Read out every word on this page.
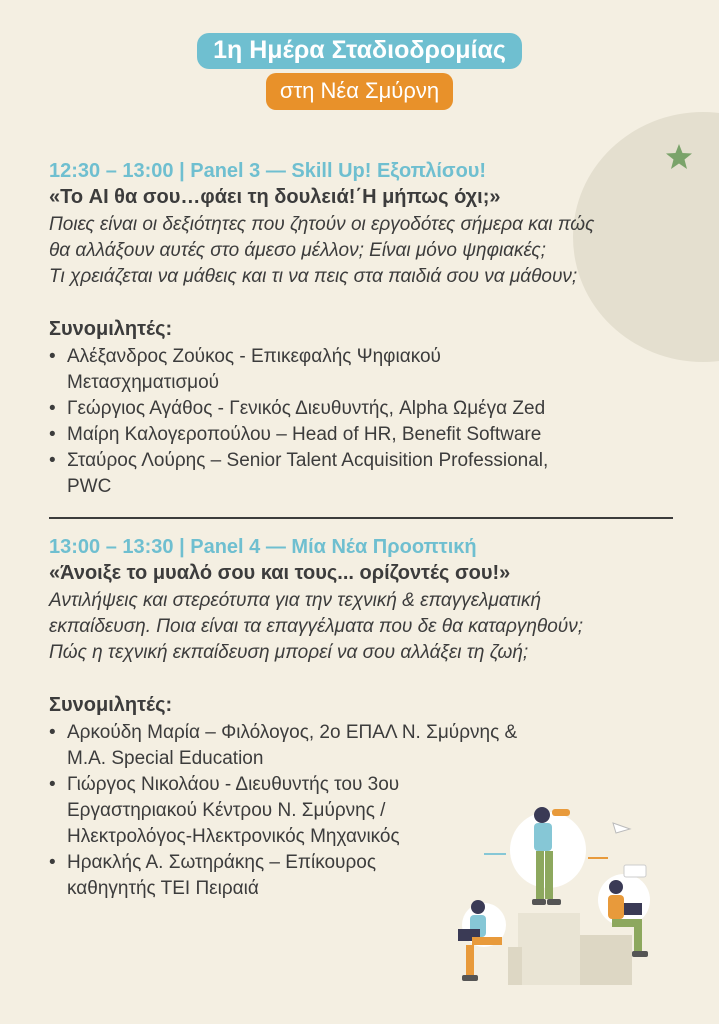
1η Ημέρα Σταδιοδρομίας
στη Νέα Σμύρνη
12:30 – 13:00 | Panel 3 — Skill Up! Εξοπλίσου!
«Το AI θα σου…φάει τη δουλειά!΄Η μήπως όχι;»
Ποιες είναι οι δεξιότητες που ζητούν οι εργοδότες σήμερα και πώς
θα αλλάξουν αυτές στο άμεσο μέλλον; Είναι μόνο ψηφιακές;
Τι χρειάζεται να μάθεις και τι να πεις στα παιδιά σου να μάθουν;
Συνομιλητές:
• Αλέξανδρος Ζούκος - Επικεφαλής Ψηφιακού
Μετασχηματισμού
• Γεώργιος Αγάθος - Γενικός Διευθυντής, Alpha Ωμέγα Zed
• Μαίρη Καλογεροπούλου – Head of HR, Benefit Software
• Σταύρος Λούρης – Senior Talent Acquisition Professional,
PWC
13:00 – 13:30 | Panel 4 — Μία Νέα Προοπτική
«Άνοιξε το μυαλό σου και τους... ορίζοντές σου!»
Αντιλήψεις και στερεότυπα για την τεχνική & επαγγελματική
εκπαίδευση. Ποια είναι τα επαγγέλματα που δε θα καταργηθούν;
Πώς η τεχνική εκπαίδευση μπορεί να σου αλλάξει τη ζωή;
Συνομιλητές:
• Αρκούδη Μαρία – Φιλόλογος, 2ο ΕΠΑΛ Ν. Σμύρνης &
M.A. Special Education
• Γιώργος Νικολάου - Διευθυντής του 3ου
Εργαστηριακού Κέντρου Ν. Σμύρνης /
Ηλεκτρολόγος-Ηλεκτρονικός Μηχανικός
• Ηρακλής Α. Σωτηράκης – Επίκουρος
καθηγητής ΤΕΙ Πειραιά
